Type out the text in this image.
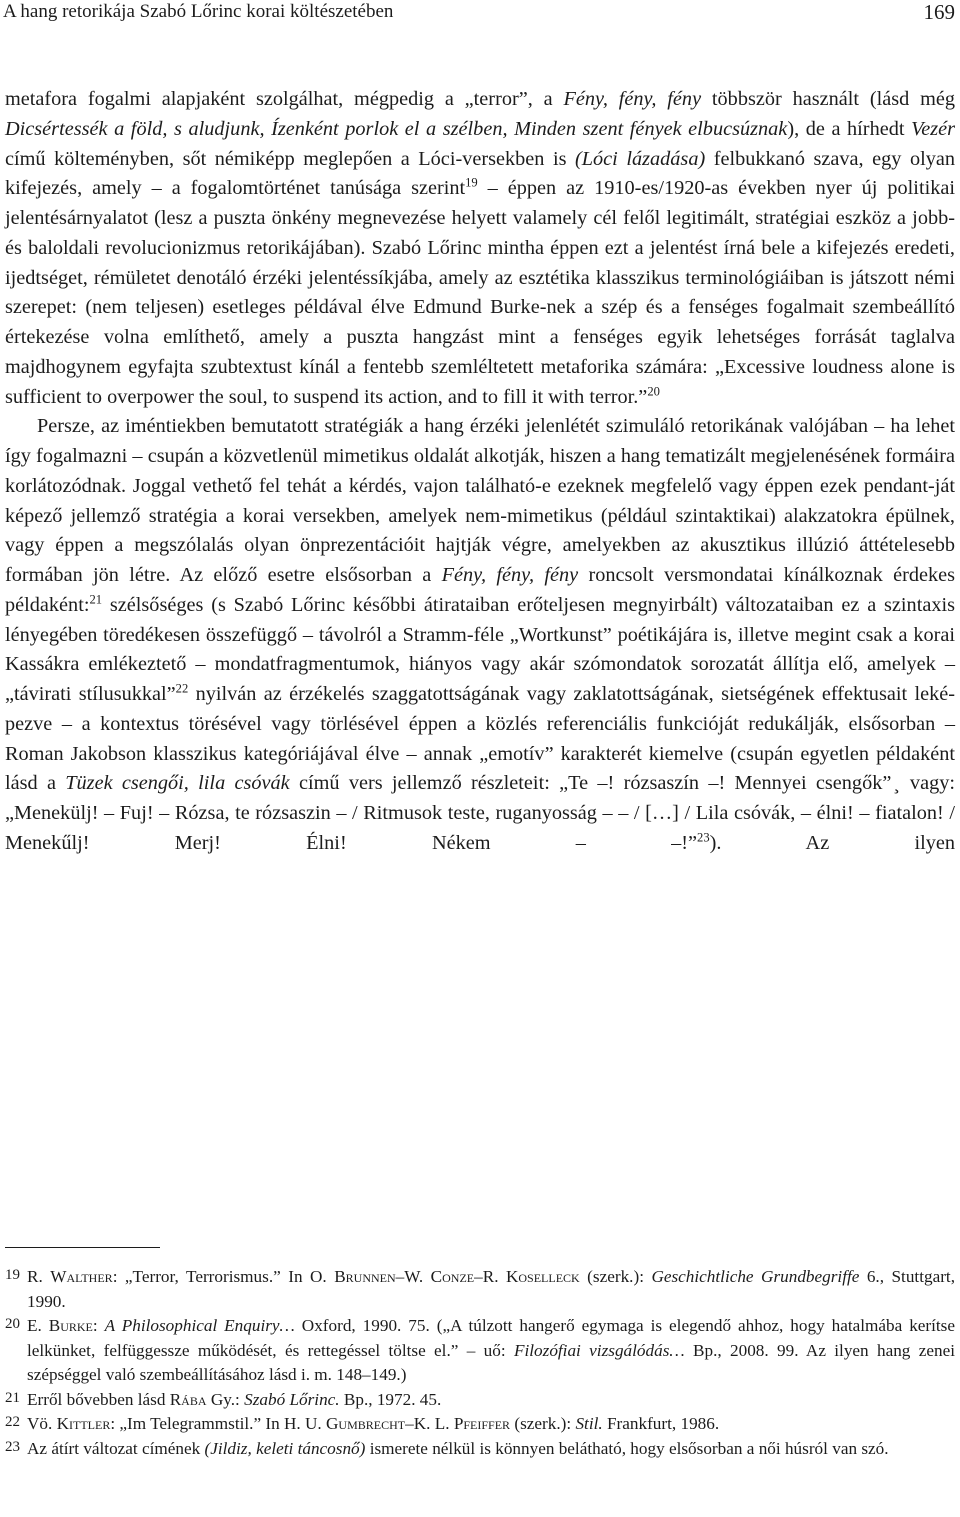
A hang retorikája Szabó Lőrinc korai költészetében	169

metafora fogalmi alapjaként szolgálhat, mégpedig a „terror”, a Fény, fény, fény többször használt (lásd még Dicsértessék a föld, s aludjunk, Ízenként porlok el a szélben, Minden szent fények elbucsúznak), de a hírhedt Vezér című költeményben, sőt némiképp meglepően a Lóci-versekben is (Lóci lázadása) felbukkanó szava, egy olyan kifejezés, amely – a fogalomtörténet tanúsága szerint$^{19}$ – éppen az 1910-es/1920-as években nyer új politikai jelentésárnyalatot (lesz a puszta önkény megnevezése helyett valamely cél felől legitimált, stratégiai eszköz a jobb- és baloldali revolucionizmus retorikájában). Szabó Lőrinc mintha éppen ezt a jelentést írná bele a kifejezés eredeti, ijedtséget, rémületet denotáló érzéki jelentéssíkjába, amely az esztétika klasszikus terminológiáiban is játszott némi szerepet: (nem teljesen) esetleges példával élve Edmund Burke-nek a szép és a fenséges fogalmait szembeállító értekezése volna említhető, amely a puszta hangzást mint a fenséges egyik lehetséges forrását taglalva majdhogynem egyfajta szubtextust kínál a fentebb szemléltetett metaforika számára: „Excessive loudness alone is sufficient to overpower the soul, to suspend its action, and to fill it with terror.”$^{20}$

Persze, az iméntiekben bemutatott stratégiák a hang érzéki jelenlétét szimuláló retorikának valójában – ha lehet így fogalmazni – csupán a közvetlenül mimetikus oldalát alkotják, hiszen a hang tematizált megjelenésének formáira korlátozódnak. Joggal vethető fel tehát a kérdés, vajon található-e ezeknek megfelelő vagy éppen ezek pendant-ját képező jellemző stratégia a korai versekben, amelyek nem-mimetikus (például szintaktikai) alakzatokra épülnek, vagy éppen a megszólalás olyan önprezentációit hajtják végre, amelyekben az akusztikus illúzió áttételesebb formában jön létre. Az előző esetre elsősorban a Fény, fény, fény roncsolt versmondatai kínálkoznak érdekes példaként:$^{21}$ szélsőséges (s Szabó Lőrinc későbbi átirataiban erőteljesen megnyirbált) változataiban ez a szintaxis lényegében töredékesen összefüggő – távolról a Stramm-féle „Wortkunst” poétikájára is, illetve megint csak a korai Kassákra emlékeztető – mondatfragmentumok, hiányos vagy akár szómondatok sorozatát állítja elő, amelyek – „távirati stílusukkal”$^{22}$ nyilván az érzékelés szaggatottságának vagy zaklatottságának, sietségének effektusait leképezve – a kontextus törésével vagy törlésével éppen a közlés referenciális funkcióját redukálják, elsősorban – Roman Jakobson klasszikus kategóriájával élve – annak „emotív” karakterét kiemelve (csupán egyetlen példaként lásd a Tüzek csengői, lila csóvák című vers jellemző részleteit: „Te –! rózsaszín –! Mennyei csengők” ̧ vagy: „Menekülj! – Fuj! – Rózsa, te rózsaszin – / Ritmusok teste, ruganyosság – – / […] / Lila csóvák, – élni! – fiatalon! / Menekűlj! Merj! Élni! Nékem – –!”$^{23}$). Az ilyen

19 R. Walther: „Terror, Terrorismus.” In O. Brunnen–W. Conze–R. Koselleck (szerk.): Geschichtliche Grundbegriffe 6., Stuttgart, 1990.

20 E. Burke: A Philosophical Enquiry… Oxford, 1990. 75. („A túlzott hangerő egymaga is elegendő ahhoz, hogy hatalmába kerítse lelkünket, felfüggessze működését, és rettegéssel töltse el.” – uő: Filozófiai vizsgálódás… Bp., 2008. 99. Az ilyen hang zenei szépséggel való szembeállításához lásd i. m. 148–149.)

21 Erről bővebben lásd Rába Gy.: Szabó Lőrinc. Bp., 1972. 45.

22 Vö. Kittler: „Im Telegrammstil.” In H. U. Gumbrecht–K. L. Pfeiffer (szerk.): Stil. Frankfurt, 1986.

23 Az átírt változat címének (Jildiz, keleti táncosnő) ismerete nélkül is könnyen belátható, hogy elsősorban a női húsról van szó.
